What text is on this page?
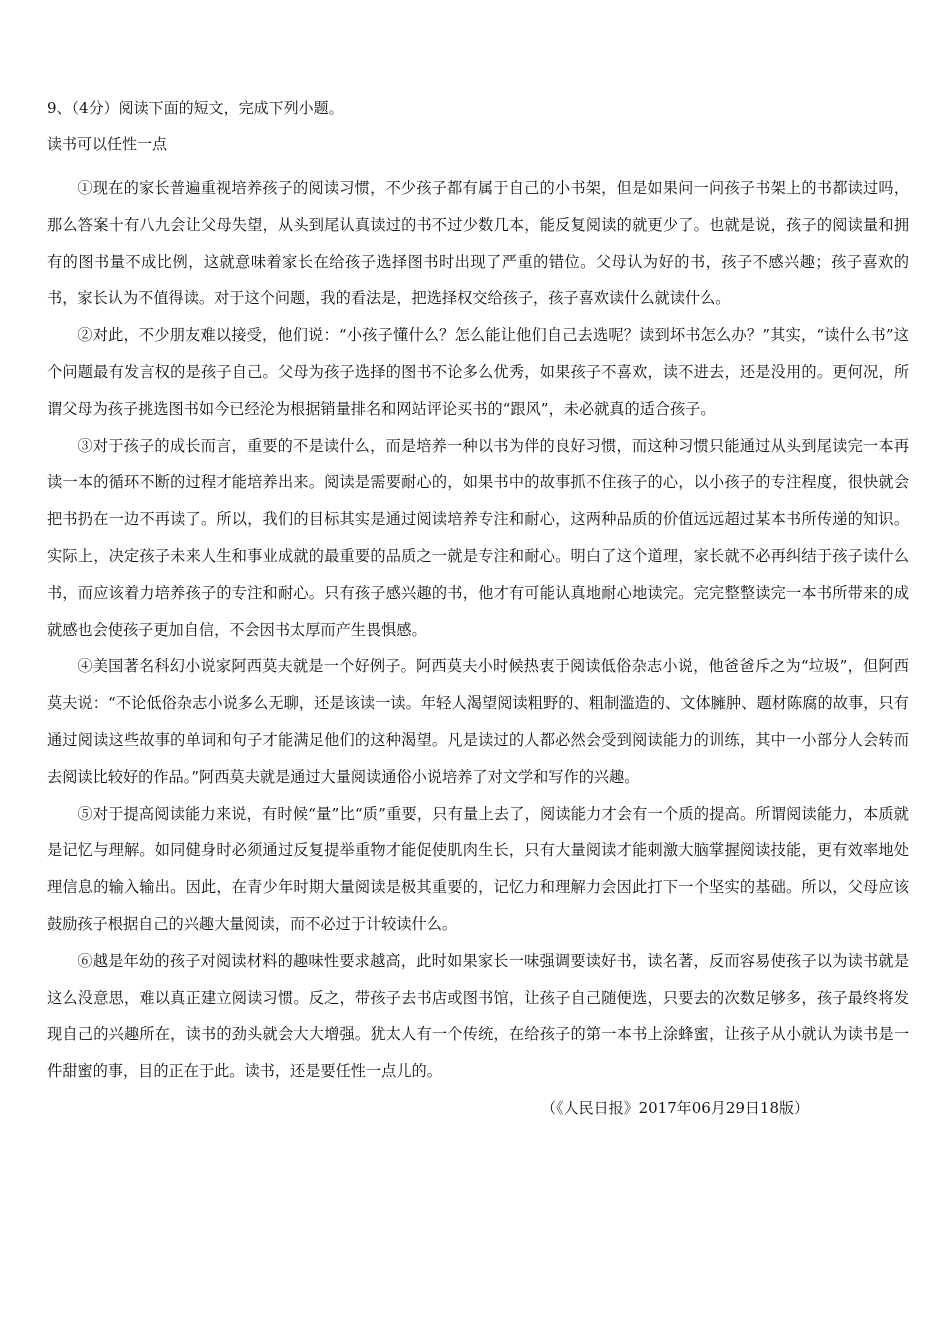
9、（4分）阅读下面的短文，完成下列小题。

读书可以任性一点

①现在的家长普遍重视培养孩子的阅读习惯，不少孩子都有属于自己的小书架，但是如果问一问孩子书架上的书都读过吗，那么答案十有八九会让父母失望，从头到尾认真读过的书不过少数几本，能反复阅读的就更少了。也就是说，孩子的阅读量和拥有的图书量不成比例，这就意味着家长在给孩子选择图书时出现了严重的错位。父母认为好的书，孩子不感兴趣；孩子喜欢的书，家长认为不值得读。对于这个问题，我的看法是，把选择权交给孩子，孩子喜欢读什么就读什么。

②对此，不少朋友难以接受，他们说：“小孩子懂什么？怎么能让他们自己去选呢？读到坏书怎么办？”其实，“读什么书”这个问题最有发言权的是孩子自己。父母为孩子选择的图书不论多么优秀，如果孩子不喜欢，读不进去，还是没用的。更何况，所谓父母为孩子挑选图书如今已经沦为根据销量排名和网站评论买书的“跟风”，未必就真的适合孩子。

③对于孩子的成长而言，重要的不是读什么，而是培养一种以书为伴的良好习惯，而这种习惯只能通过从头到尾读完一本再读一本的循环不断的过程才能培养出来。阅读是需要耐心的，如果书中的故事抓不住孩子的心，以小孩子的专注程度，很快就会把书扔在一边不再读了。所以，我们的目标其实是通过阅读培养专注和耐心，这两种品质的价值远远超过某本书所传递的知识。实际上，决定孩子未来人生和事业成就的最重要的品质之一就是专注和耐心。明白了这个道理，家长就不必再纠结于孩子读什么书，而应该着力培养孩子的专注和耐心。只有孩子感兴趣的书，他才有可能认真地耐心地读完。完完整整读完一本书所带来的成就感也会使孩子更加自信，不会因书太厚而产生畏惧感。

④美国著名科幻小说家阿西莫夫就是一个好例子。阿西莫夫小时候热衷于阅读低俗杂志小说，他爸爸斥之为“垃圾”，但阿西莫夫说：“不论低俗杂志小说多么无聊，还是该读一读。年轻人渴望阅读粗野的、粗制滥造的、文体臃肿、题材陈腐的故事，只有通过阅读这些故事的单词和句子才能满足他们的这种渴望。凡是读过的人都必然会受到阅读能力的训练，其中一小部分人会转而去阅读比较好的作品。”阿西莫夫就是通过大量阅读通俗小说培养了对文学和写作的兴趣。

⑤对于提高阅读能力来说，有时候“量”比“质”重要，只有量上去了，阅读能力才会有一个质的提高。所谓阅读能力，本质就是记忆与理解。如同健身时必须通过反复提举重物才能促使肌肉生长，只有大量阅读才能刺激大脑掌握阅读技能，更有效率地处理信息的输入输出。因此，在青少年时期大量阅读是极其重要的，记忆力和理解力会因此打下一个坚实的基础。所以，父母应该鼓励孩子根据自己的兴趣大量阅读，而不必过于计较读什么。

⑥越是年幼的孩子对阅读材料的趣味性要求越高，此时如果家长一味强调要读好书，读名著，反而容易使孩子以为读书就是这么没意思，难以真正建立阅读习惯。反之，带孩子去书店或图书馆，让孩子自己随便选，只要去的次数足够多，孩子最终将发现自己的兴趣所在，读书的劲头就会大大增强。犹太人有一个传统，在给孩子的第一本书上涂蜂蜜，让孩子从小就认为读书是一件甜蜜的事，目的正在于此。读书，还是要任性一点儿的。

（《人民日报》2017年06月29日18版）
